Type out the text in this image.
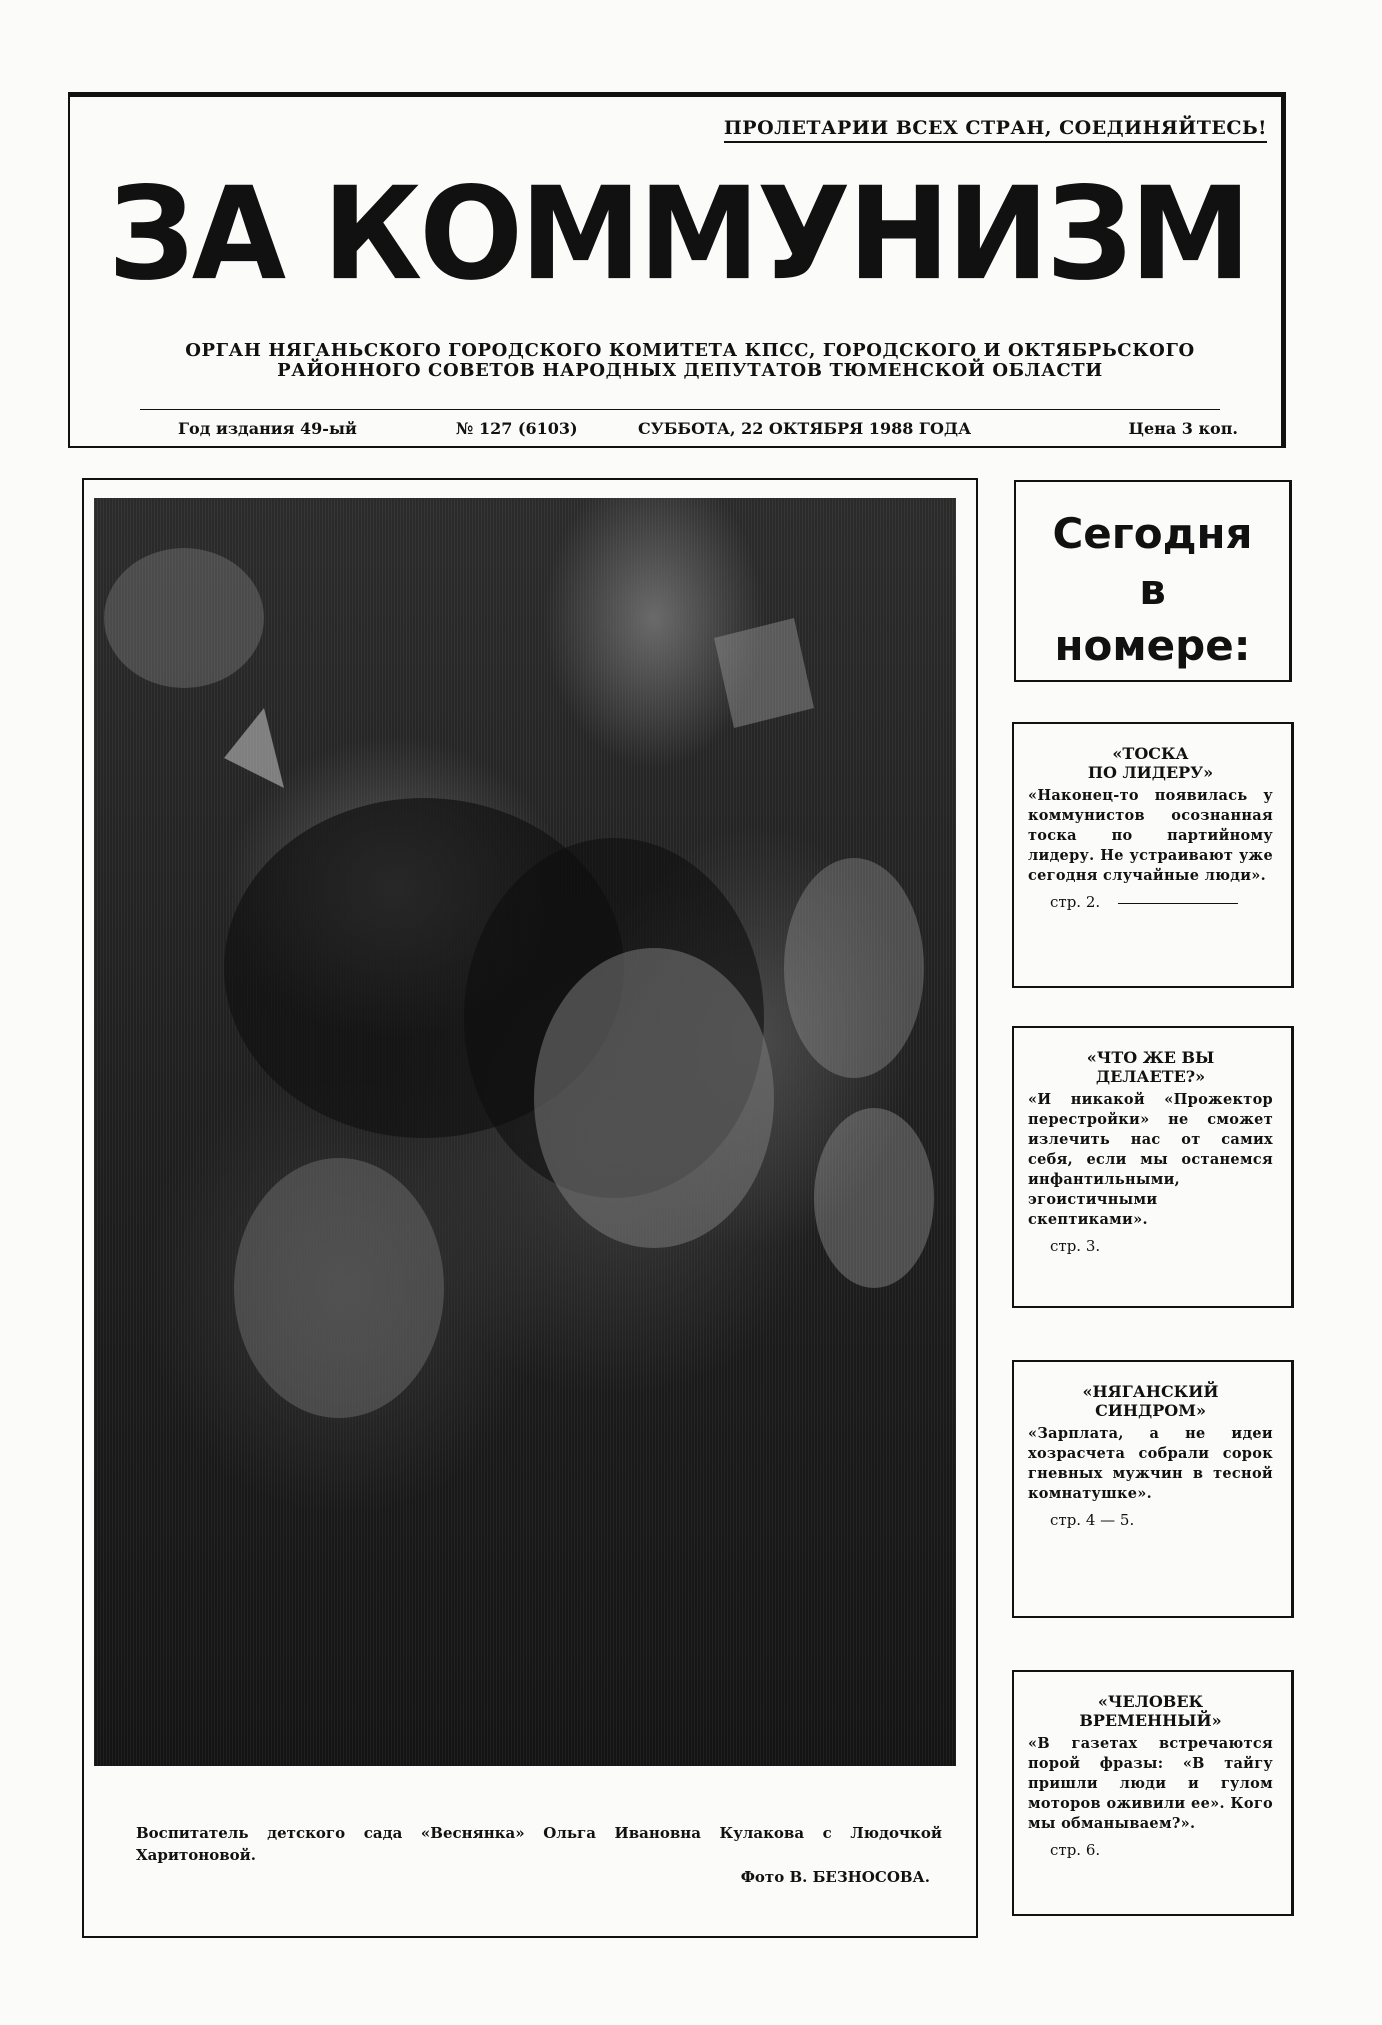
ПРОЛЕТАРИИ ВСЕХ СТРАН, СОЕДИНЯЙТЕСЬ!
ЗА КОММУНИЗМ
ОРГАН НЯГАНЬСКОГО ГОРОДСКОГО КОМИТЕТА КПСС, ГОРОДСКОГО И ОКТЯБРЬСКОГО
РАЙОННОГО СОВЕТОВ НАРОДНЫХ ДЕПУТАТОВ ТЮМЕНСКОЙ ОБЛАСТИ
Год издания 49-ый	№ 127 (6103)	СУББОТА, 22 ОКТЯБРЯ 1988 ГОДА	Цена 3 коп.
Воспитатель детского сада «Веснянка» Ольга Ивановна Кулакова с Людочкой Харитоновой.
Фото В. БЕЗНОСОВА.
Сегодня
в
номере:
«ТОСКА
ПО ЛИДЕРУ»
«Наконец-то появилась у коммунистов осознанная тоска по партийному лидеру. Не устраивают уже сегодня случайные люди».
стр. 2.
«ЧТО ЖЕ ВЫ
ДЕЛАЕТЕ?»
«И никакой «Прожектор перестройки» не сможет излечить нас от самих себя, если мы останемся инфантильными, эгоистичными скептиками».
стр. 3.
«НЯГАНСКИЙ
СИНДРОМ»
«Зарплата, а не идеи хозрасчета собрали сорок гневных мужчин в тесной комнатушке».
стр. 4 — 5.
«ЧЕЛОВЕК
ВРЕМЕННЫЙ»
«В газетах встречаются порой фразы: «В тайгу пришли люди и гулом моторов оживили ее». Кого мы обманываем?».
стр. 6.
